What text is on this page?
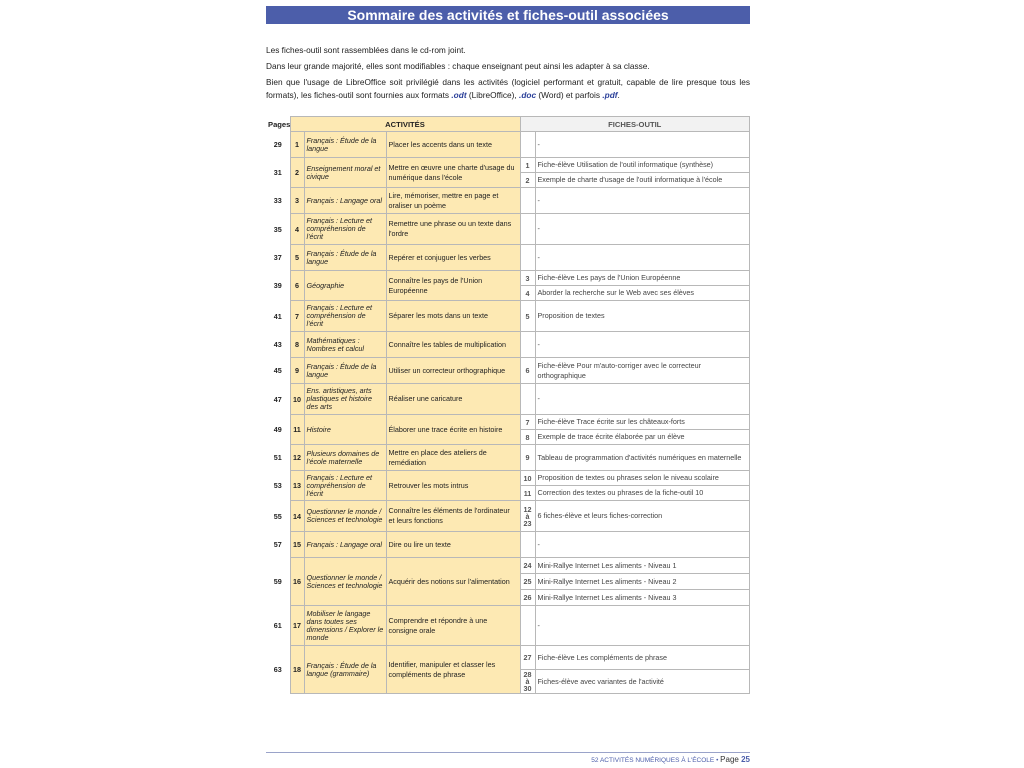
Sommaire des activités et fiches-outil associées

Les fiches-outil sont rassemblées dans le cd-rom joint.

Dans leur grande majorité, elles sont modifiables : chaque enseignant peut ainsi les adapter à sa classe.

Bien que l'usage de LibreOffice soit privilégié dans les activités (logiciel performant et gratuit, capable de lire presque tous les formats), les fiches-outil sont fournies aux formats .odt (LibreOffice), .doc (Word) et parfois .pdf.

Pages	ACTIVITÉS			FICHES-OUTIL	
29	1	Français : Étude de la langue	Placer les accents dans un texte		-
31	2	Enseignement moral et civique	Mettre en œuvre une charte d'usage du numérique dans l'école	1	Fiche-élève Utilisation de l'outil informatique (synthèse)
				2	Exemple de charte d'usage de l'outil informatique à l'école
33	3	Français : Langage oral	Lire, mémoriser, mettre en page et oraliser un poème		-
35	4	Français : Lecture et compréhension de l'écrit	Remettre une phrase ou un texte dans l'ordre		-
37	5	Français : Étude de la langue	Repérer et conjuguer les verbes		-
39	6	Géographie	Connaître les pays de l'Union Européenne	3	Fiche-élève Les pays de l'Union Européenne
				4	Aborder la recherche sur le Web avec ses élèves
41	7	Français : Lecture et compréhension de l'écrit	Séparer les mots dans un texte	5	Proposition de textes
43	8	Mathématiques : Nombres et calcul	Connaître les tables de multiplication		-
45	9	Français : Étude de la langue	Utiliser un correcteur orthographique	6	Fiche-élève Pour m'auto-corriger avec le correcteur orthographique
47	10	Ens. artistiques, arts plastiques et histoire des arts	Réaliser une caricature		-
49	11	Histoire	Élaborer une trace écrite en histoire	7	Fiche-élève Trace écrite sur les châteaux-forts
				8	Exemple de trace écrite élaborée par un élève
51	12	Plusieurs domaines de l'école maternelle	Mettre en place des ateliers de remédiation	9	Tableau de programmation d'activités numériques en maternelle
53	13	Français : Lecture et compréhension de l'écrit	Retrouver les mots intrus	10	Proposition de textes ou phrases selon le niveau scolaire
				11	Correction des textes ou phrases de la fiche-outil 10
55	14	Questionner le monde / Sciences et technologie	Connaître les éléments de l'ordinateur et leurs fonctions	12 à 23	6 fiches-élève et leurs fiches-correction
57	15	Français : Langage oral	Dire ou lire un texte		-
59	16	Questionner le monde / Sciences et technologie	Acquérir des notions sur l'alimentation	24	Mini-Rallye Internet Les aliments - Niveau 1
				25	Mini-Rallye Internet Les aliments - Niveau 2
				26	Mini-Rallye Internet Les aliments - Niveau 3
61	17	Mobiliser le langage dans toutes ses dimensions / Explorer le monde	Comprendre et répondre à une consigne orale		-
63	18	Français : Étude de la langue (grammaire)	Identifier, manipuler et classer les compléments de phrase	27	Fiche-élève Les compléments de phrase
				28 à 30	Fiches-élève avec variantes de l'activité
52 ACTIVITÉS NUMÉRIQUES À L'ÉCOLE • Page 25
